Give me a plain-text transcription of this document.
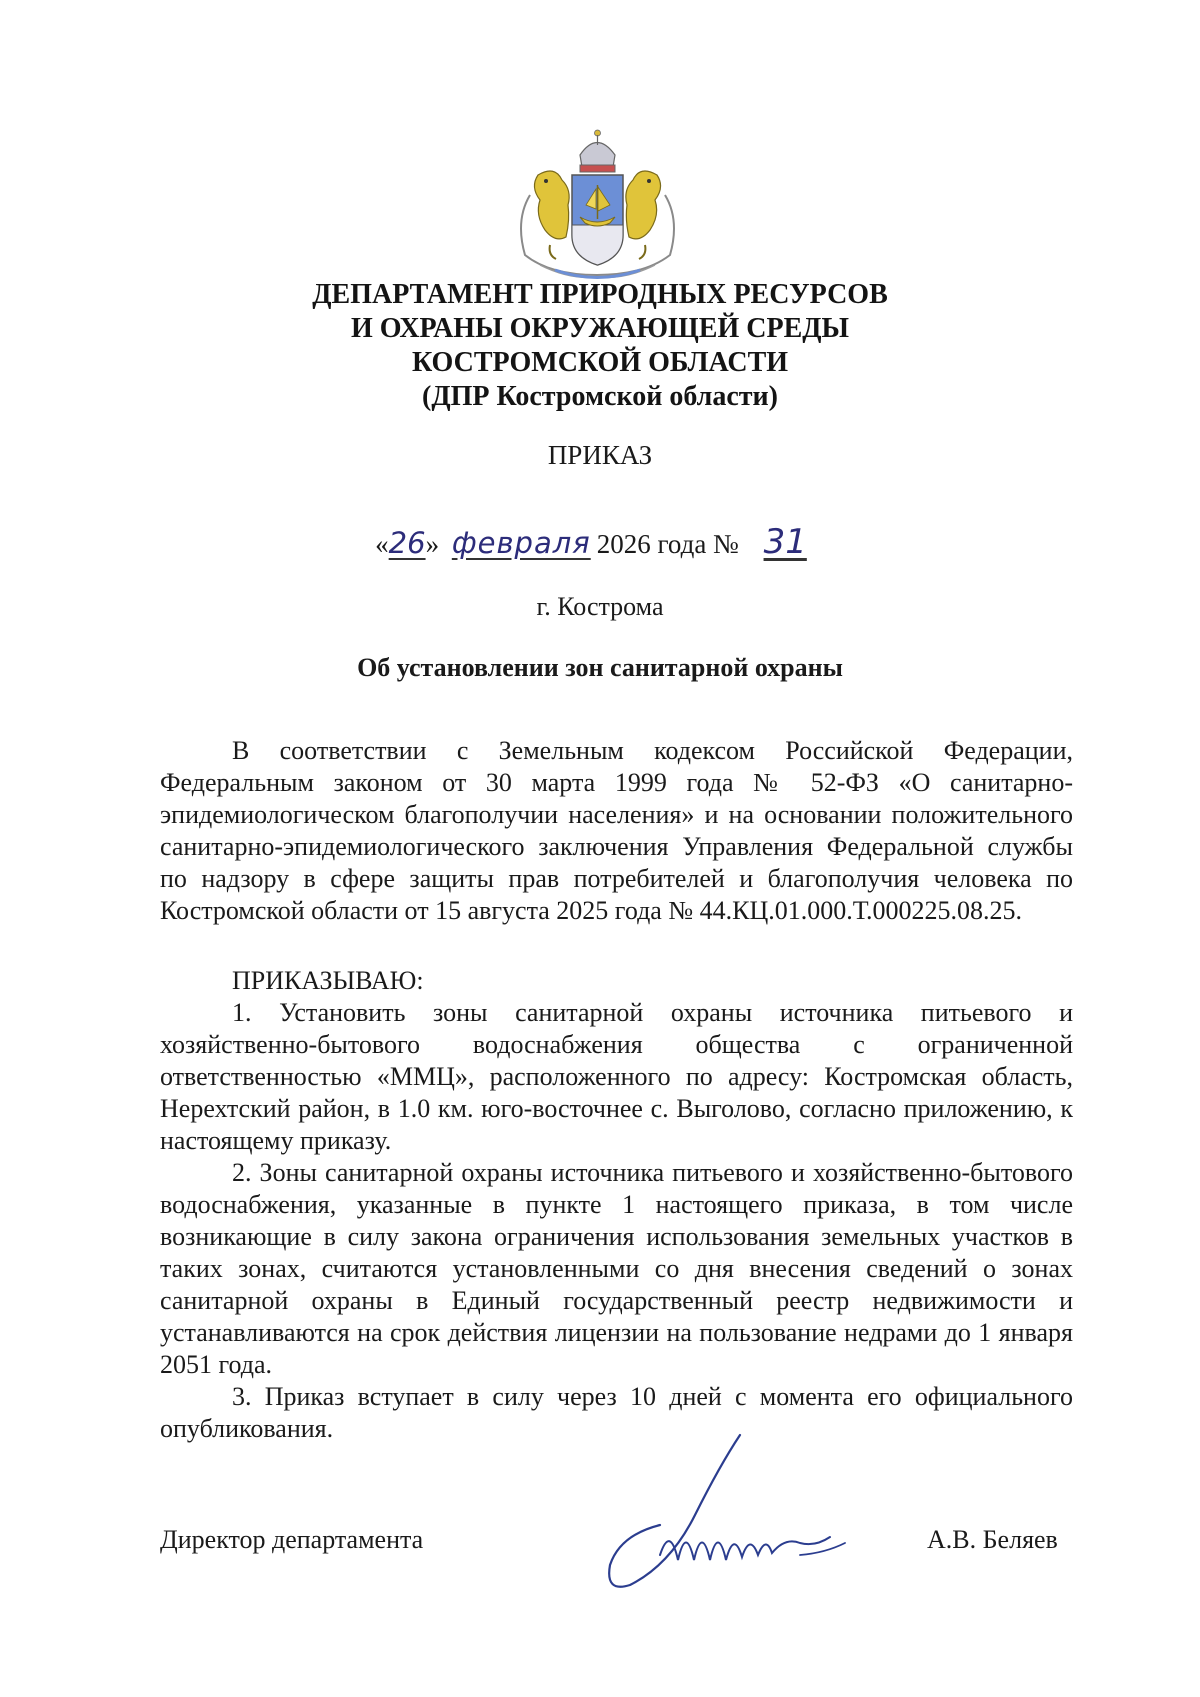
ДЕПАРТАМЕНТ ПРИРОДНЫХ РЕСУРСОВ
И ОХРАНЫ ОКРУЖАЮЩЕЙ СРЕДЫ
КОСТРОМСКОЙ ОБЛАСТИ
(ДПР Костромской области)
ПРИКАЗ
«26» февраля 2026 года № 31
г. Кострома
Об установлении зон санитарной охраны

В соответствии с Земельным кодексом Российской Федерации, Федеральным законом от 30 марта 1999 года № 52-ФЗ «О санитарно-эпидемиологическом благополучии населения» и на основании положительного санитарно-эпидемиологического заключения Управления Федеральной службы по надзору в сфере защиты прав потребителей и благополучия человека по Костромской области от 15 августа 2025 года № 44.КЦ.01.000.Т.000225.08.25.

ПРИКАЗЫВАЮ:

1. Установить зоны санитарной охраны источника питьевого и хозяйственно-бытового водоснабжения общества с ограниченной ответственностью «ММЦ», расположенного по адресу: Костромская область, Нерехтский район, в 1.0 км. юго-восточнее с. Выголово, согласно приложению, к настоящему приказу.

2. Зоны санитарной охраны источника питьевого и хозяйственно-бытового водоснабжения, указанные в пункте 1 настоящего приказа, в том числе возникающие в силу закона ограничения использования земельных участков в таких зонах, считаются установленными со дня внесения сведений о зонах санитарной охраны в Единый государственный реестр недвижимости и устанавливаются на срок действия лицензии на пользование недрами до 1 января 2051 года.

3. Приказ вступает в силу через 10 дней с момента его официального опубликования.

Директор департамента	А.В. Беляев
